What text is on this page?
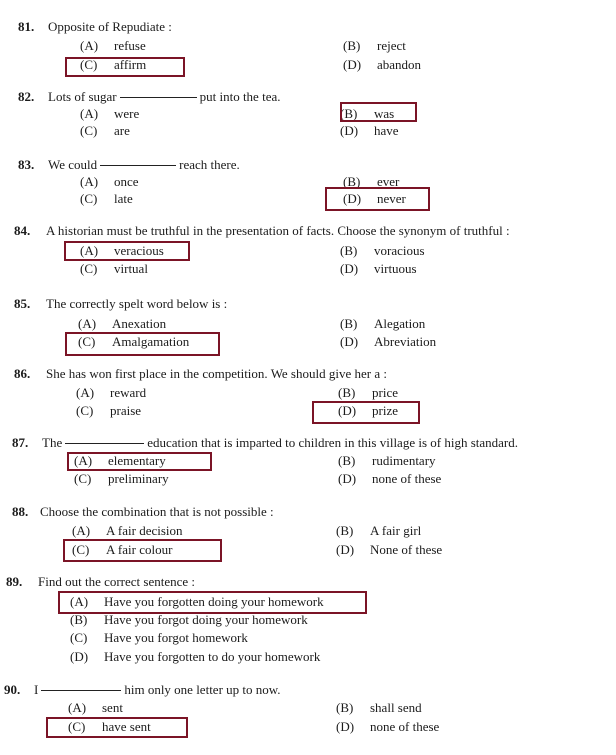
81. Opposite of Repudiate :
(A) refuse	(B) reject
(C) affirm	(D) abandon
82. Lots of sugar	put into the tea.
(A) were	(B) was
(C) are	(D) have
83. We could	reach there.
(A) once	(B) ever
(C) late	(D) never
84. A historian must be truthful in the presentation of facts. Choose the synonym of truthful :
(A) veracious	(B) voracious
(C) virtual	(D) virtuous
85. The correctly spelt word below is :
(A) Anexation	(B) Alegation
(C) Amalgamation	(D) Abreviation
86. She has won first place in the competition. We should give her a :
(A) reward	(B) price
(C) praise	(D) prize
87. The	education that is imparted to children in this village is of high standard.
(A) elementary	(B) rudimentary
(C) preliminary	(D) none of these
88. Choose the combination that is not possible :
(A) A fair decision	(B) A fair girl
(C) A fair colour	(D) None of these
89. Find out the correct sentence :
(A) Have you forgotten doing your homework
(B) Have you forgot doing your homework
(C) Have you forgot homework
(D) Have you forgotten to do your homework
90. I	him only one letter up to now.
(A) sent	(B) shall send
(C) have sent	(D) none of these
